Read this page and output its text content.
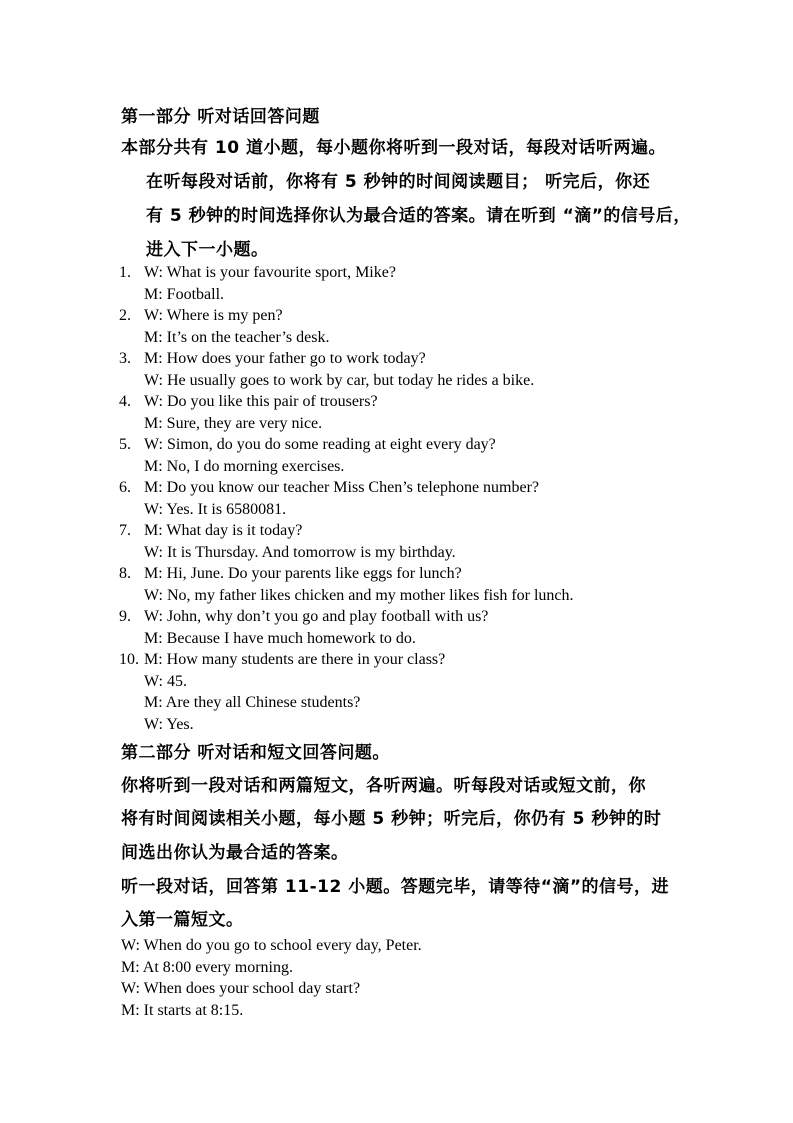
第一部分 听对话回答问题

本部分共有 10 道小题，每小题你将听到一段对话，每段对话听两遍。

在听每段对话前，你将有 5 秒钟的时间阅读题目； 听完后，你还

有 5 秒钟的时间选择你认为最合适的答案。请在听到 “滴”的信号后，

进入下一小题。

1. W: What is your favourite sport, Mike?
M: Football.
2. W: Where is my pen?
M: It’s on the teacher’s desk.
3. M: How does your father go to work today?
W: He usually goes to work by car, but today he rides a bike.
4. W: Do you like this pair of trousers?
M: Sure, they are very nice.
5. W: Simon, do you do some reading at eight every day?
M: No, I do morning exercises.
6. M: Do you know our teacher Miss Chen’s telephone number?
W: Yes. It is 6580081.
7. M: What day is it today?
W: It is Thursday. And tomorrow is my birthday.
8. M: Hi, June. Do your parents like eggs for lunch?
W: No, my father likes chicken and my mother likes fish for lunch.
9. W: John, why don’t you go and play football with us?
M: Because I have much homework to do.
10. M: How many students are there in your class?
W: 45.
M: Are they all Chinese students?
W: Yes.

第二部分 听对话和短文回答问题。

你将听到一段对话和两篇短文，各听两遍。听每段对话或短文前，你

将有时间阅读相关小题，每小题 5 秒钟；听完后，你仍有 5 秒钟的时

间选出你认为最合适的答案。

听一段对话，回答第 11-12 小题。答题完毕，请等待“滴”的信号，进

入第一篇短文。

W: When do you go to school every day, Peter.
M: At 8:00 every morning.
W: When does your school day start?
M: It starts at 8:15.
